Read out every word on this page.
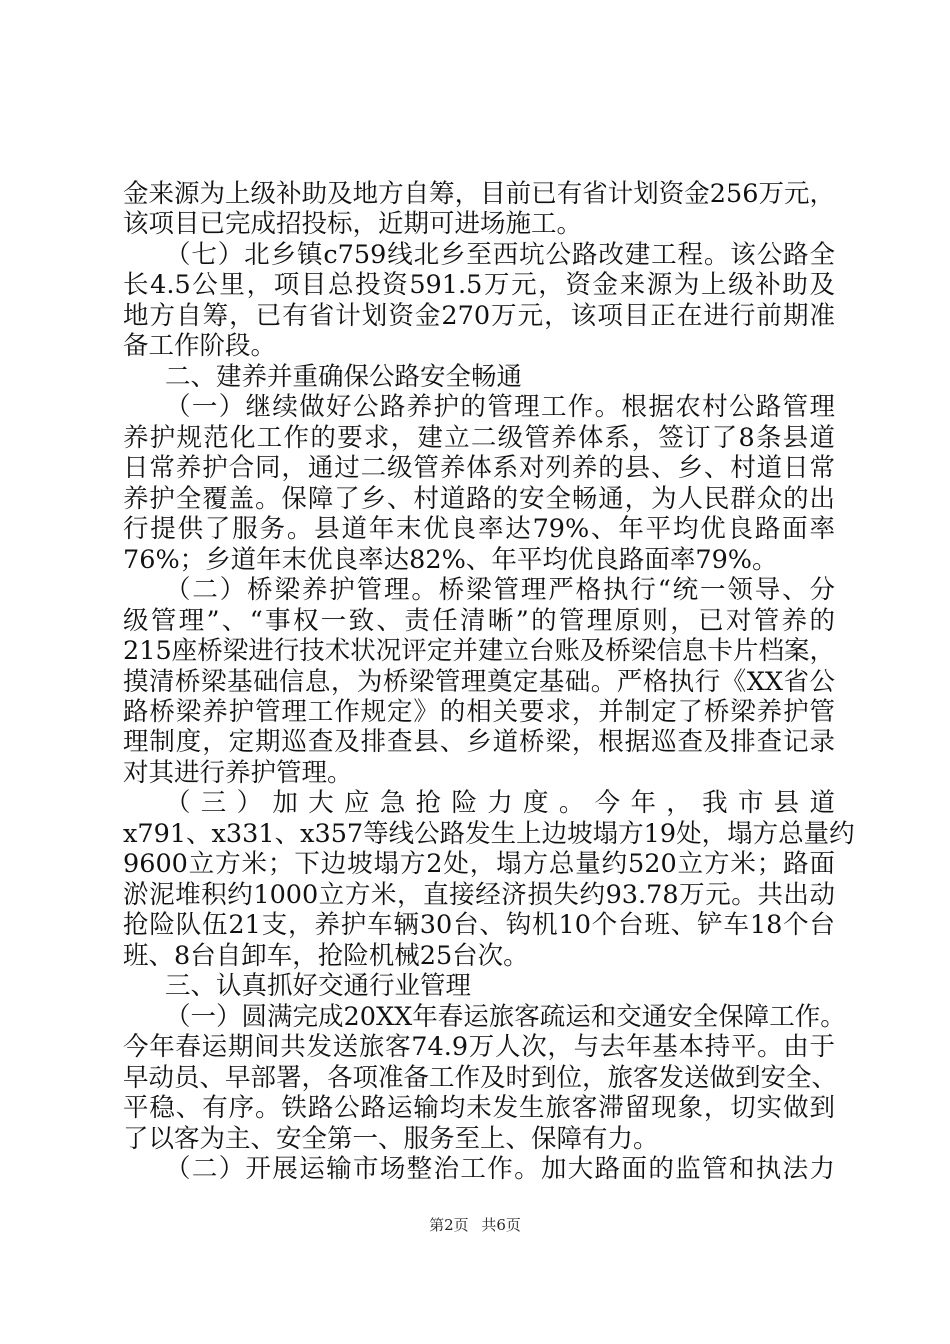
金来源为上级补助及地方自筹，目前已有省计划资金256万元，
该项目已完成招投标，近期可进场施工。
（七）北乡镇c759线北乡至西坑公路改建工程。该公路全
长4.5公里，项目总投资591.5万元，资金来源为上级补助及
地方自筹，已有省计划资金270万元，该项目正在进行前期准
备工作阶段。
二、建养并重确保公路安全畅通
（一）继续做好公路养护的管理工作。根据农村公路管理
养护规范化工作的要求，建立二级管养体系，签订了8条县道
日常养护合同，通过二级管养体系对列养的县、乡、村道日常
养护全覆盖。保障了乡、村道路的安全畅通，为人民群众的出
行提供了服务。县道年末优良率达79%、年平均优良路面率
76%；乡道年末优良率达82%、年平均优良路面率79%。
（二）桥梁养护管理。桥梁管理严格执行“统一领导、分
级管理”、“事权一致、责任清晰”的管理原则，已对管养的
215座桥梁进行技术状况评定并建立台账及桥梁信息卡片档案，
摸清桥梁基础信息，为桥梁管理奠定基础。严格执行《XX省公
路桥梁养护管理工作规定》的相关要求，并制定了桥梁养护管
理制度，定期巡查及排查县、乡道桥梁，根据巡查及排查记录
对其进行养护管理。
（三）加大应急抢险力度。今年，我市县道
x791、x331、x357等线公路发生上边坡塌方19处，塌方总量约
9600立方米；下边坡塌方2处，塌方总量约520立方米；路面
淤泥堆积约1000立方米，直接经济损失约93.78万元。共出动
抢险队伍21支，养护车辆30台、钩机10个台班、铲车18个台
班、8台自卸车，抢险机械25台次。
三、认真抓好交通行业管理
（一）圆满完成20XX年春运旅客疏运和交通安全保障工作。
今年春运期间共发送旅客74.9万人次，与去年基本持平。由于
早动员、早部署，各项准备工作及时到位，旅客发送做到安全、
平稳、有序。铁路公路运输均未发生旅客滞留现象，切实做到
了以客为主、安全第一、服务至上、保障有力。
（二）开展运输市场整治工作。加大路面的监管和执法力
第2页 共6页
